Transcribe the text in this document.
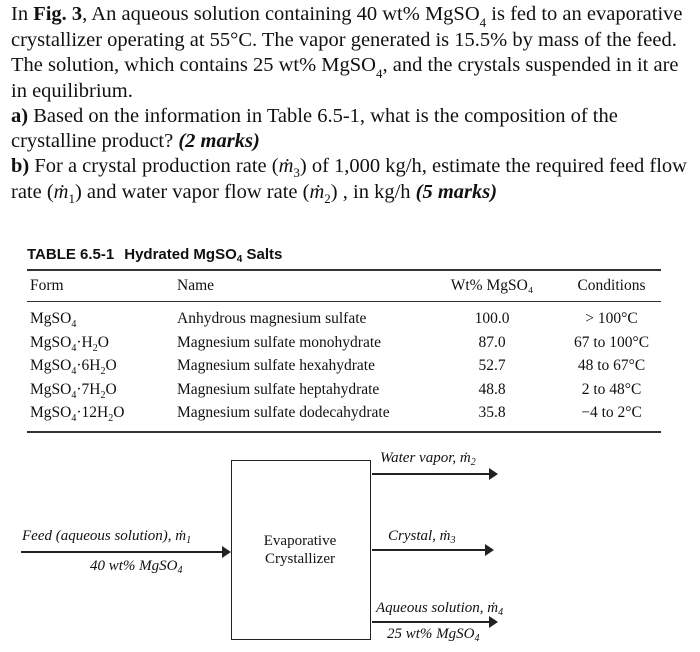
In Fig. 3, An aqueous solution containing 40 wt% MgSO$_4$ is fed to an evaporative crystallizer operating at 55°C. The vapor generated is 15.5% by mass of the feed. The solution, which contains 25 wt% MgSO$_4$, and the crystals suspended in it are in equilibrium.

a) Based on the information in Table 6.5-1, what is the composition of the crystalline product? (2 marks)

b) For a crystal production rate (ṁ$_3$) of 1,000 kg/h, estimate the required feed flow rate (ṁ$_1$) and water vapor flow rate (ṁ$_2$) , in kg/h (5 marks)

TABLE 6.5-1 Hydrated MgSO$_4$ Salts
Form	Name	Wt% MgSO₄	Conditions
MgSO$_4$	Anhydrous magnesium sulfate	100.0	> 100°C
$MgSO_4\cdot H_2O$	Magnesium sulfate monohydrate	87.0	67 to 100°C
$MgSO_4\cdot 6H_2O$	Magnesium sulfate hexahydrate	52.7	48 to 67°C
$MgSO_4\cdot 7H_2O$	Magnesium sulfate heptahydrate	48.8	2 to 48°C
$MgSO_4\cdot 12H_2O$	Magnesium sulfate dodecahydrate	35.8	−4 to 2°C
Evaporative
Crystallizer
Feed (aqueous solution), ṁ$_1$
40 wt% MgSO$_4$
Water vapor, ṁ$_2$
Crystal, ṁ$_3$
Aqueous solution, ṁ$_4$
25 wt% MgSO$_4$
